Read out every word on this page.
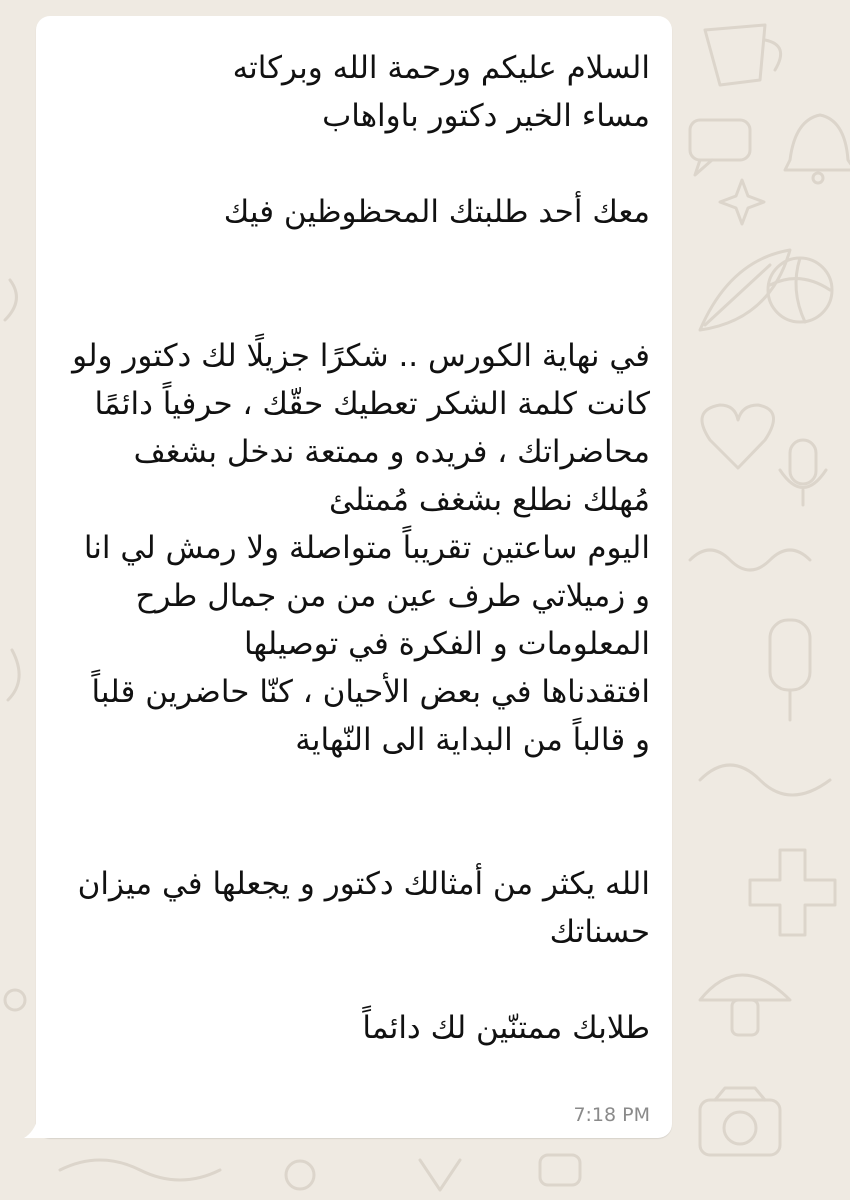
السلام عليكم ورحمة الله وبركاته
مساء الخير دكتور باواهاب
معك أحد طلبتك المحظوظين فيك
في نهاية الكورس .. شكرًا جزيلًا لك دكتور ولو
كانت كلمة الشكر تعطيك حقّك ، حرفياً دائمًا
محاضراتك ، فريده و ممتعة ندخل بشغف
مُهلك نطلع بشغف مُمتلئ
اليوم ساعتين تقريباً متواصلة ولا رمش لي انا
و زميلاتي طرف عين من من جمال طرح
المعلومات و الفكرة في توصيلها
افتقدناها في بعض الأحيان ، كنّا حاضرين قلباً
و قالباً من البداية الى النّهاية
الله يكثر من أمثالك دكتور و يجعلها في ميزان
حسناتك
طلابك ممتنّين لك دائماً
7:18 PM
